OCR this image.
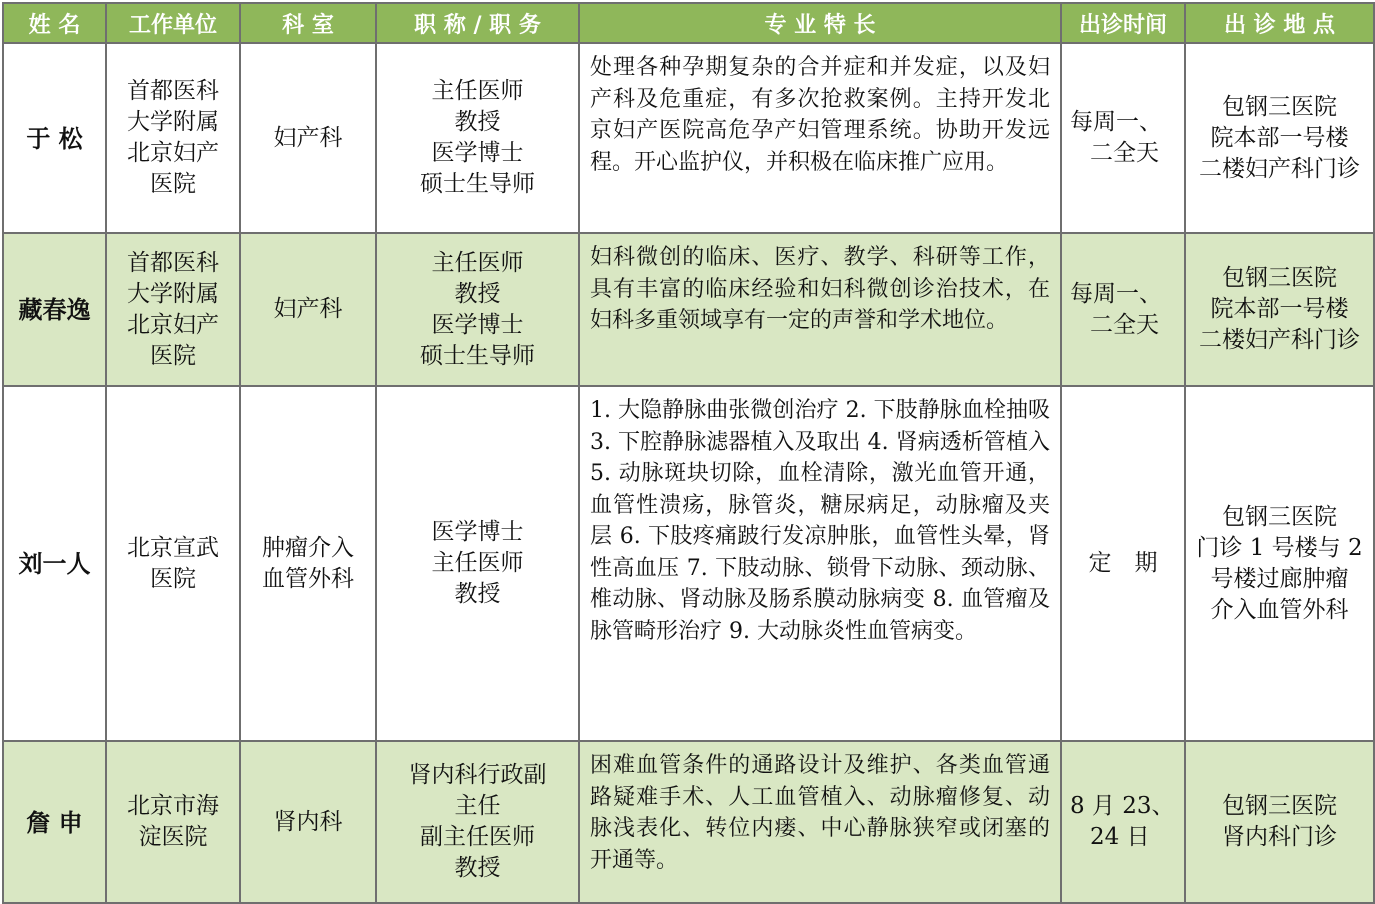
姓 名	工作单位	科 室	职 称 / 职 务	专 业 特 长	出诊时间	出 诊 地 点
于 松	首都医科
大学附属
北京妇产
医院	妇产科	主任医师
教授
医学博士
硕士生导师	处理各种孕期复杂的合并症和并发症，以及妇产科及危重症，有多次抢救案例。主持开发北京妇产医院高危孕产妇管理系统。协助开发远程。开心监护仪，并积极在临床推广应用。	每周一、
二全天	包钢三医院
院本部一号楼
二楼妇产科门诊

藏春逸	首都医科
大学附属
北京妇产
医院	妇产科	主任医师
教授
医学博士
硕士生导师	妇科微创的临床、医疗、教学、科研等工作，具有丰富的临床经验和妇科微创诊治技术，在妇科多重领域享有一定的声誉和学术地位。	每周一、
二全天	包钢三医院
院本部一号楼
二楼妇产科门诊

刘一人	北京宣武
医院	肿瘤介入
血管外科	医学博士
主任医师
教授	1. 大隐静脉曲张微创治疗 2. 下肢静脉血栓抽吸 3. 下腔静脉滤器植入及取出 4. 肾病透析管植入 5. 动脉斑块切除，血栓清除，激光血管开通，血管性溃疡，脉管炎，糖尿病足，动脉瘤及夹层 6. 下肢疼痛跛行发凉肿胀，血管性头晕，肾性高血压 7. 下肢动脉、锁骨下动脉、颈动脉、椎动脉、肾动脉及肠系膜动脉病变 8. 血管瘤及脉管畸形治疗 9. 大动脉炎性血管病变。	定　期	包钢三医院
门诊 1 号楼与 2
号楼过廊肿瘤
介入血管外科

詹 申	北京市海
淀医院	肾内科	肾内科行政副
主任
副主任医师
教授	困难血管条件的通路设计及维护、各类血管通路疑难手术、人工血管植入、动脉瘤修复、动脉浅表化、转位内瘘、中心静脉狭窄或闭塞的开通等。	8 月 23、
24 日	包钢三医院
肾内科门诊
